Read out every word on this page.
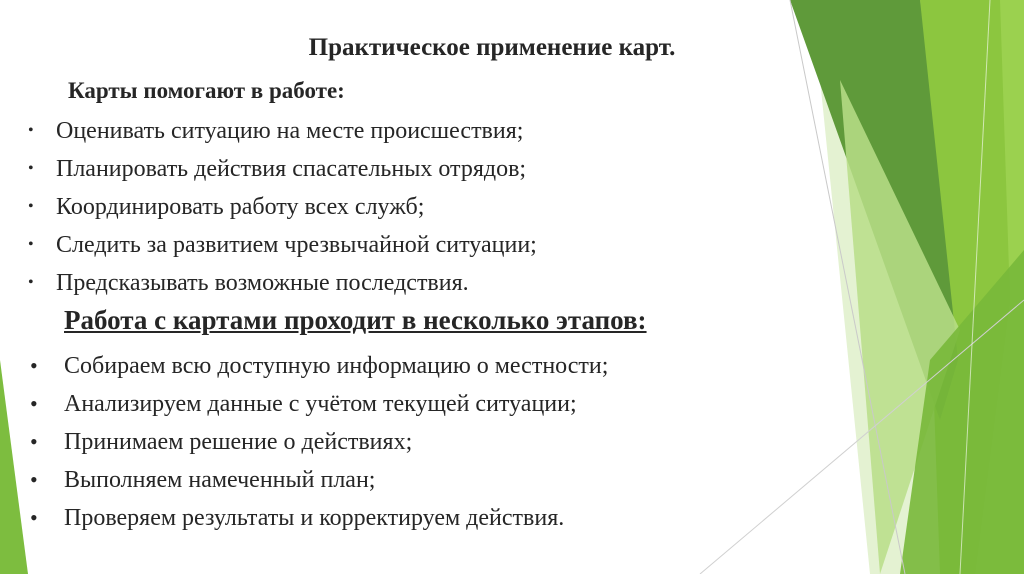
Практическое применение карт.
Карты помогают в работе:
• Оценивать ситуацию на месте происшествия;
• Планировать действия спасательных отрядов;
• Координировать работу всех служб;
• Следить за развитием чрезвычайной ситуации;
• Предсказывать возможные последствия.
Работа с картами проходит в несколько этапов:
• Собираем всю доступную информацию о местности;
• Анализируем данные с учётом текущей ситуации;
• Принимаем решение о действиях;
• Выполняем намеченный план;
• Проверяем результаты и корректируем действия.
